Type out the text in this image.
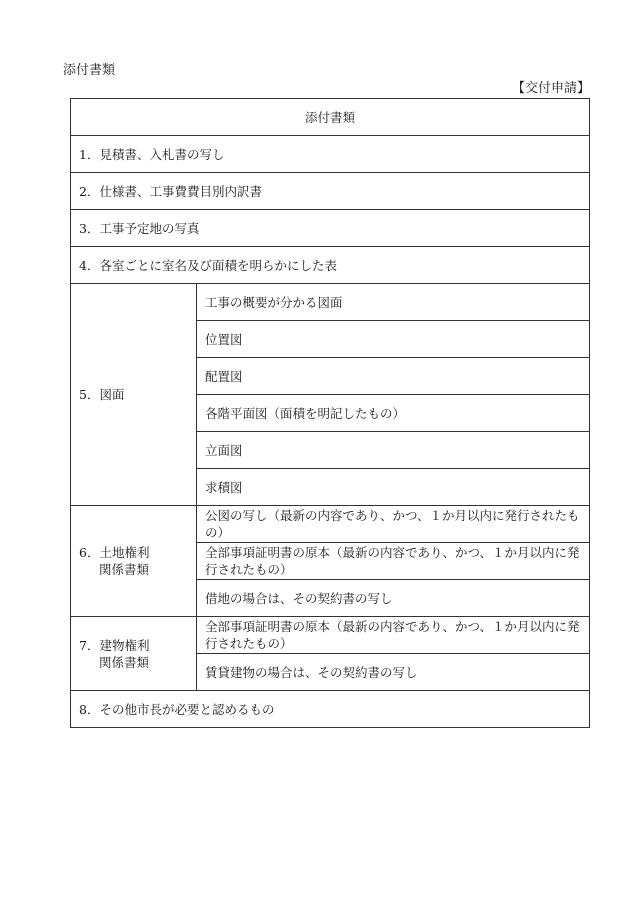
添付書類
【交付申請】
添付書類	
1．見積書、入札書の写し	
2．仕様書、工事費費目別内訳書	
3．工事予定地の写真	
4．各室ごとに室名及び面積を明らかにした表	
5．図面	工事の概要が分かる図面
	位置図
	配置図
	各階平面図（面積を明記したもの）
	立面図
	求積図

6．土地権利
関係書類	公図の写し（最新の内容であり、かつ、１か月以内に発行されたもの）
	全部事項証明書の原本（最新の内容であり、かつ、１か月以内に発行されたもの）
	借地の場合は、その契約書の写し

7．建物権利
関係書類	全部事項証明書の原本（最新の内容であり、かつ、１か月以内に発行されたもの）
	賃貸建物の場合は、その契約書の写し
8．その他市長が必要と認めるもの	
